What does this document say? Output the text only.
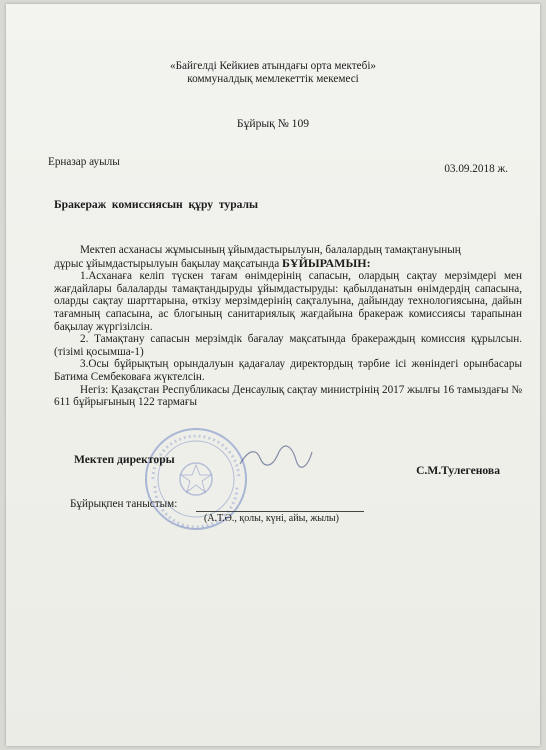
«Байгелді Кейкиев атындағы орта мектебі»
коммуналдық мемлекеттік мекемесі
Бұйрық № 109
Ерназар ауылы
03.09.2018 ж.
Бракераж  комиссиясын  құру  туралы

Мектеп асханасы жұмысының ұйымдастырылуын, балалардың тамақтануының

дұрыс ұйымдастырылуын бақылау мақсатында БҰЙЫРАМЫН:

1.Асханаға келіп түскен тағам өнімдерінің сапасын, олардың сақтау мерзімдері мен жағдайлары балаларды тамақтандыруды ұйымдастыруды: қабылданатын өнімдердің сапасына, оларды сақтау шарттарына, өткізу мерзімдерінің сақталуына, дайындау технологиясына, дайын тағамның сапасына, ас блогының санитариялық жағдайына бракераж комиссиясы тарапынан бақылау жүргізілсін.

2. Тамақтану сапасын мерзімдік бағалау мақсатында бракераждың комиссия құрылсын. (тізімі қосымша-1)

3.Осы бұйрықтың орындалуын қадағалау директордың тәрбие ісі жөніндегі орынбасары Батима Сембековаға жүктелсін.

Негіз: Қазақстан Республикасы Денсаулық сақтау министрінің 2017 жылғы 16 тамыздағы № 611 бұйрығының 122 тармағы

Мектеп директоры
С.М.Тулегенова
Бұйрықпен таныстым:
(А.Т.Ә., қолы, күні, айы, жылы)
